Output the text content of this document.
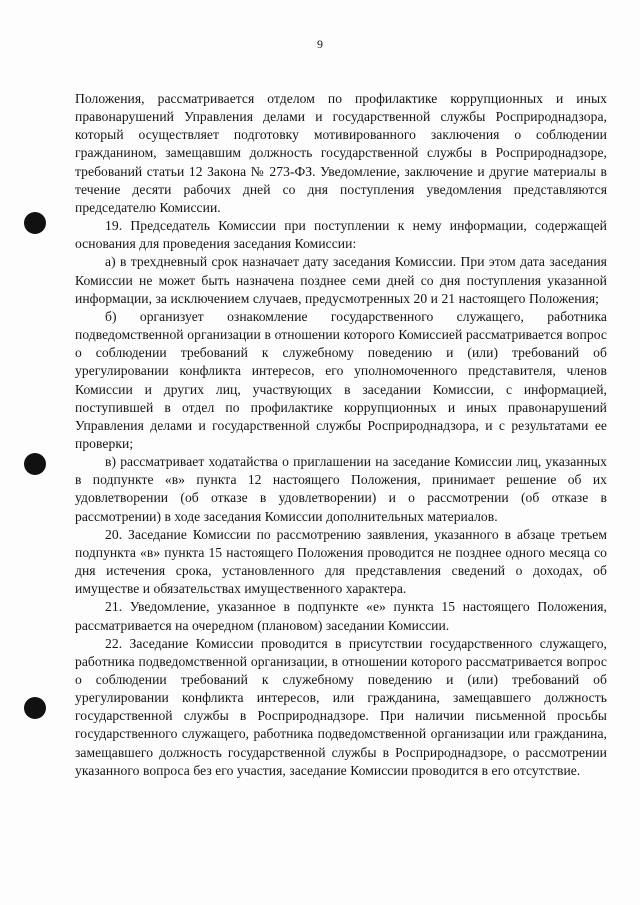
9

Положения, рассматривается отделом по профилактике коррупционных и иных правонарушений Управления делами и государственной службы Росприроднадзора, который осуществляет подготовку мотивированного заключения о соблюдении гражданином, замещавшим должность государственной службы в Росприроднадзоре, требований статьи 12 Закона № 273-ФЗ. Уведомление, заключение и другие материалы в течение десяти рабочих дней со дня поступления уведомления представляются председателю Комиссии.

19. Председатель Комиссии при поступлении к нему информации, содержащей основания для проведения заседания Комиссии:

а) в трехдневный срок назначает дату заседания Комиссии. При этом дата заседания Комиссии не может быть назначена позднее семи дней со дня поступления указанной информации, за исключением случаев, предусмотренных 20 и 21 настоящего Положения;

б) организует ознакомление государственного служащего, работника подведомственной организации в отношении которого Комиссией рассматривается вопрос о соблюдении требований к служебному поведению и (или) требований об урегулировании конфликта интересов, его уполномоченного представителя, членов Комиссии и других лиц, участвующих в заседании Комиссии, с информацией, поступившей в отдел по профилактике коррупционных и иных правонарушений Управления делами и государственной службы Росприроднадзора, и с результатами ее проверки;

в) рассматривает ходатайства о приглашении на заседание Комиссии лиц, указанных в подпункте «в» пункта 12 настоящего Положения, принимает решение об их удовлетворении (об отказе в удовлетворении) и о рассмотрении (об отказе в рассмотрении) в ходе заседания Комиссии дополнительных материалов.

20. Заседание Комиссии по рассмотрению заявления, указанного в абзаце третьем подпункта «в» пункта 15 настоящего Положения проводится не позднее одного месяца со дня истечения срока, установленного для представления сведений о доходах, об имуществе и обязательствах имущественного характера.

21. Уведомление, указанное в подпункте «е» пункта 15 настоящего Положения, рассматривается на очередном (плановом) заседании Комиссии.

22. Заседание Комиссии проводится в присутствии государственного служащего, работника подведомственной организации, в отношении которого рассматривается вопрос о соблюдении требований к служебному поведению и (или) требований об урегулировании конфликта интересов, или гражданина, замещавшего должность государственной службы в Росприроднадзоре. При наличии письменной просьбы государственного служащего, работника подведомственной организации или гражданина, замещавшего должность государственной службы в Росприроднадзоре, о рассмотрении указанного вопроса без его участия, заседание Комиссии проводится в его отсутствие.
